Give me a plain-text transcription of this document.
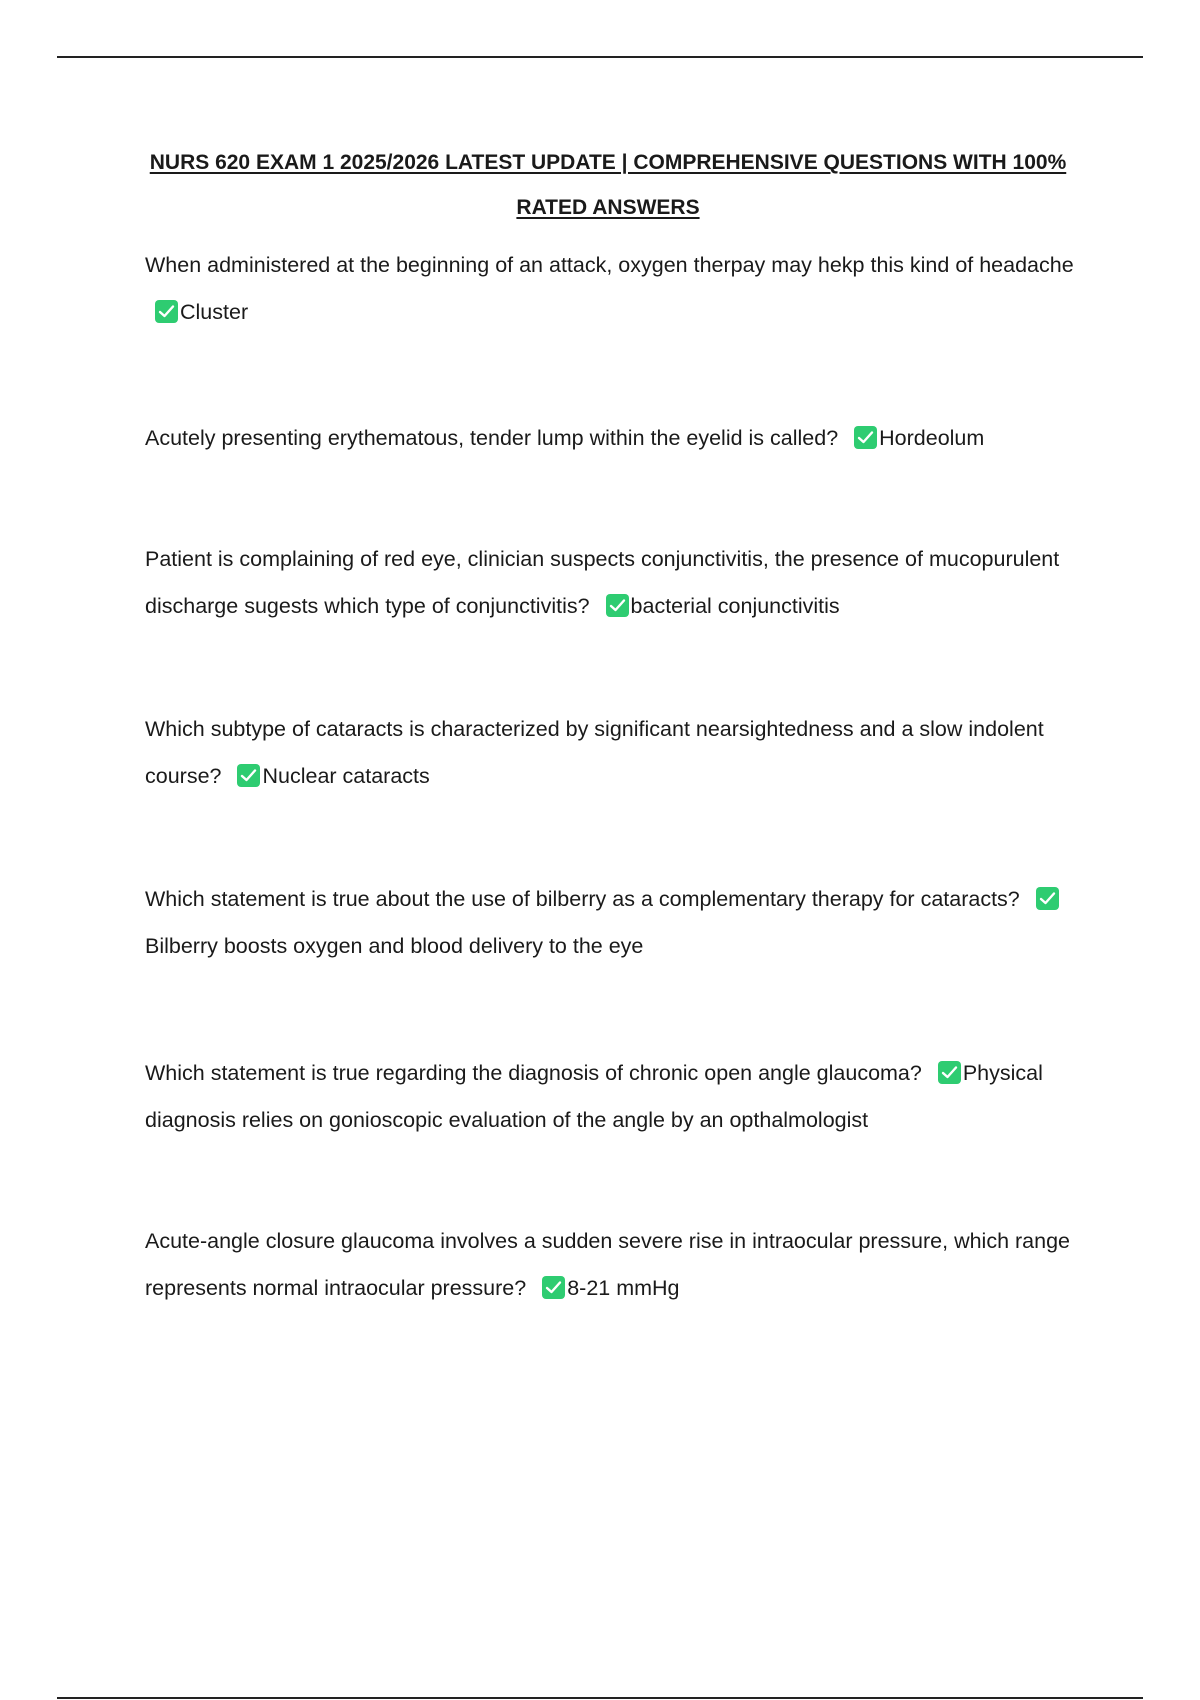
NURS 620 EXAM 1 2025/2026 LATEST UPDATE | COMPREHENSIVE QUESTIONS WITH 100% RATED ANSWERS

When administered at the beginning of an attack, oxygen therpay may hekp this kind of headache
Cluster

Acutely presenting erythematous, tender lump within the eyelid is called? Hordeolum

Patient is complaining of red eye, clinician suspects conjunctivitis, the presence of mucopurulent discharge sugests which type of conjunctivitis? bacterial conjunctivitis

Which subtype of cataracts is characterized by significant nearsightedness and a slow indolent course? Nuclear cataracts

Which statement is true about the use of bilberry as a complementary therapy for cataracts?
Bilberry boosts oxygen and blood delivery to the eye

Which statement is true regarding the diagnosis of chronic open angle glaucoma? Physical diagnosis relies on gonioscopic evaluation of the angle by an opthalmologist

Acute-angle closure glaucoma involves a sudden severe rise in intraocular pressure, which range represents normal intraocular pressure? 8-21 mmHg
